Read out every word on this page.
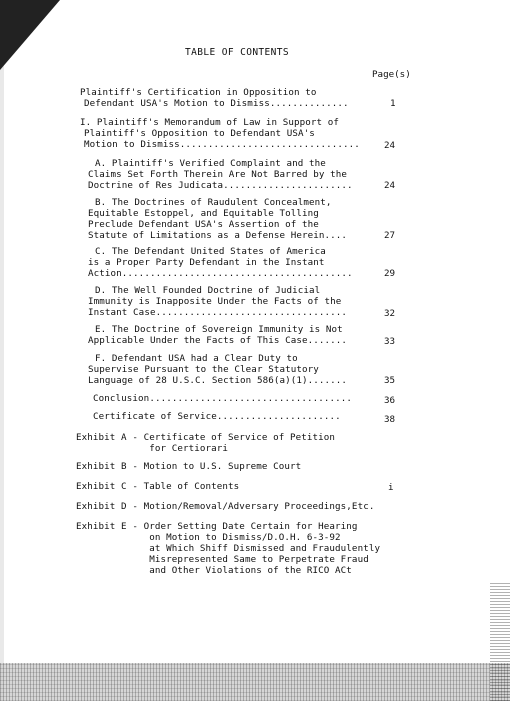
TABLE OF CONTENTS
Page(s)
Plaintiff's Certification in Opposition to
Defendant USA's Motion to Dismiss..............	1
I. Plaintiff's Memorandum of Law in Support of
Plaintiff's Opposition to Defendant USA's
Motion to Dismiss................................	24
A. Plaintiff's Verified Complaint and the
Claims Set Forth Therein Are Not Barred by the
Doctrine of Res Judicata.......................	24
B. The Doctrines of Raudulent Concealment,
Equitable Estoppel, and Equitable Tolling
Preclude Defendant USA's Assertion of the
Statute of Limitations as a Defense Herein....	27
C. The Defendant United States of America
is a Proper Party Defendant in the Instant
Action.........................................	29
D. The Well Founded Doctrine of Judicial
Immunity is Inapposite Under the Facts of the
Instant Case..................................	32
E. The Doctrine of Sovereign Immunity is Not
Applicable Under the Facts of This Case.......	33
F. Defendant USA had a Clear Duty to
Supervise Pursuant to the Clear Statutory
Language of 28 U.S.C. Section 586(a)(1).......	35
Conclusion....................................	36
Certificate of Service......................	38
Exhibit A - Certificate of Service of Petition
for Certiorari
Exhibit B - Motion to U.S. Supreme Court
Exhibit C - Table of Contents	i
Exhibit D - Motion/Removal/Adversary Proceedings,Etc.
Exhibit E - Order Setting Date Certain for Hearing
on Motion to Dismiss/D.O.H. 6-3-92
at Which Shiff Dismissed and Fraudulently
Misrepresented Same to Perpetrate Fraud
and Other Violations of the RICO ACt
